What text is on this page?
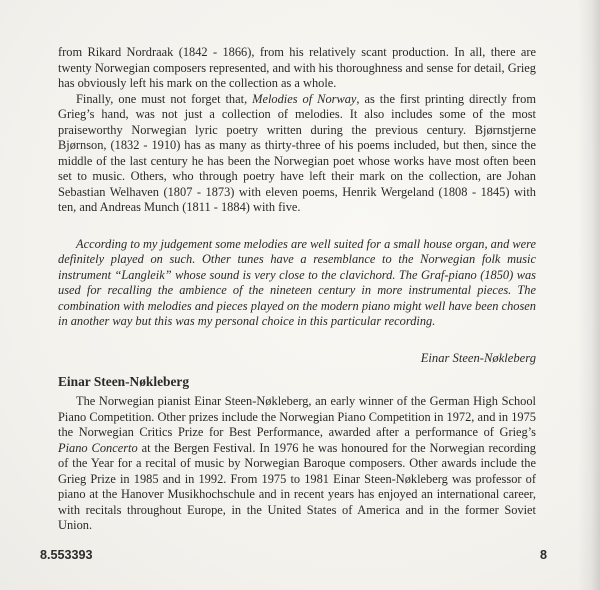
from Rikard Nordraak (1842 - 1866), from his relatively scant production. In all, there are twenty Norwegian composers represented, and with his thoroughness and sense for detail, Grieg has obviously left his mark on the collection as a whole.

Finally, one must not forget that, Melodies of Norway, as the first printing directly from Grieg’s hand, was not just a collection of melodies. It also includes some of the most praiseworthy Norwegian lyric poetry written during the previous century. Bjørnstjerne Bjørnson, (1832 - 1910) has as many as thirty-three of his poems included, but then, since the middle of the last century he has been the Norwegian poet whose works have most often been set to music. Others, who through poetry have left their mark on the collection, are Johan Sebastian Welhaven (1807 - 1873) with eleven poems, Henrik Wergeland (1808 - 1845) with ten, and Andreas Munch (1811 - 1884) with five.

According to my judgement some melodies are well suited for a small house organ, and were definitely played on such. Other tunes have a resemblance to the Norwegian folk music instrument “Langleik” whose sound is very close to the clavichord. The Graf-piano (1850) was used for recalling the ambience of the nineteen century in more instrumental pieces. The combination with melodies and pieces played on the modern piano might well have been chosen in another way but this was my personal choice in this particular recording.

Einar Steen-Nøkleberg

Einar Steen-Nøkleberg

The Norwegian pianist Einar Steen-Nøkleberg, an early winner of the German High School Piano Competition. Other prizes include the Norwegian Piano Competition in 1972, and in 1975 the Norwegian Critics Prize for Best Performance, awarded after a performance of Grieg’s Piano Concerto at the Bergen Festival. In 1976 he was honoured for the Norwegian recording of the Year for a recital of music by Norwegian Baroque composers. Other awards include the Grieg Prize in 1985 and in 1992. From 1975 to 1981 Einar Steen-Nøkleberg was professor of piano at the Hanover Musikhochschule and in recent years has enjoyed an international career, with recitals throughout Europe, in the United States of America and in the former Soviet Union.

8.553393	8
